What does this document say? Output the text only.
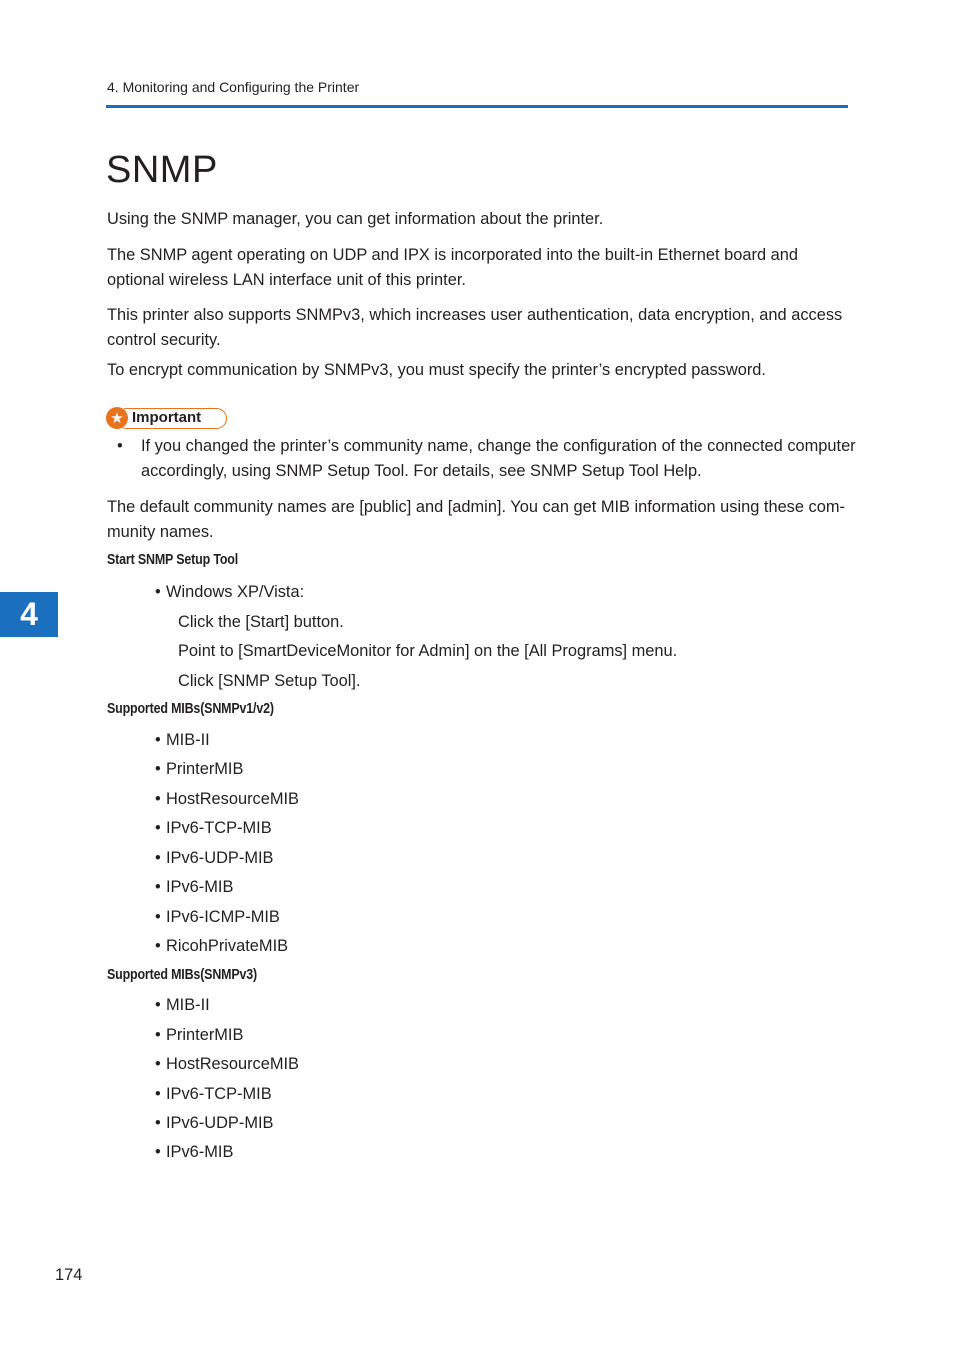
4. Monitoring and Configuring the Printer
SNMP

Using the SNMP manager, you can get information about the printer.

The SNMP agent operating on UDP and IPX is incorporated into the built-in Ethernet board and optional wireless LAN interface unit of this printer.

This printer also supports SNMPv3, which increases user authentication, data encryption, and access control security.

To encrypt communication by SNMPv3, you must specify the printer’s encrypted password.

★ Important
• If you changed the printer’s community name, change the configuration of the connected computer accordingly, using SNMP Setup Tool. For details, see SNMP Setup Tool Help.

The default community names are [public] and [admin]. You can get MIB information using these com-munity names.

Start SNMP Setup Tool
• Windows XP/Vista:
Click the [Start] button.
Point to [SmartDeviceMonitor for Admin] on the [All Programs] menu.
Click [SNMP Setup Tool].
Supported MIBs(SNMPv1/v2)
• MIB-II
• PrinterMIB
• HostResourceMIB
• IPv6-TCP-MIB
• IPv6-UDP-MIB
• IPv6-MIB
• IPv6-ICMP-MIB
• RicohPrivateMIB
Supported MIBs(SNMPv3)
• MIB-II
• PrinterMIB
• HostResourceMIB
• IPv6-TCP-MIB
• IPv6-UDP-MIB
• IPv6-MIB
4
174
